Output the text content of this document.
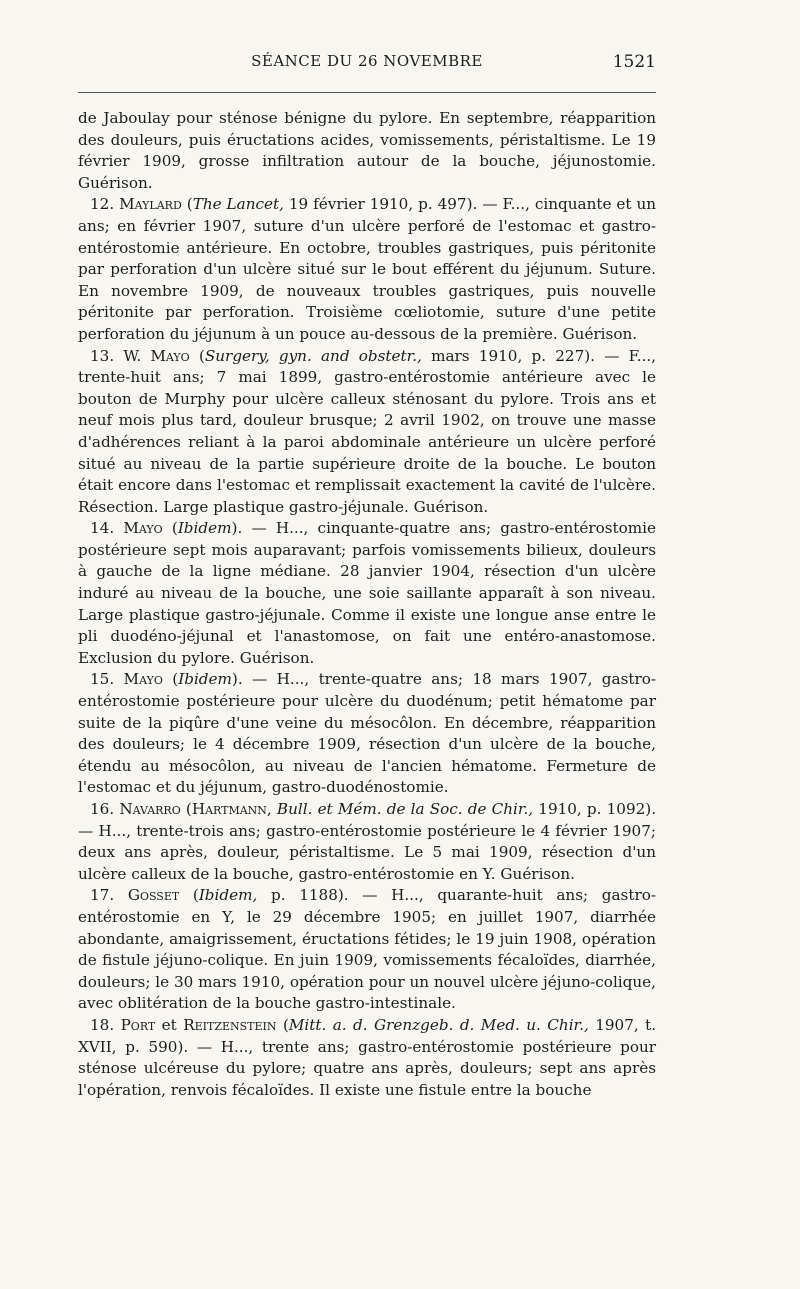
SÉANCE DU 26 NOVEMBRE	1521

de Jaboulay pour sténose bénigne du pylore. En septembre, réapparition des douleurs, puis éructations acides, vomissements, péristaltisme. Le 19 février 1909, grosse infiltration autour de la bouche, jéjunostomie. Guérison.

12. Maylard (The Lancet, 19 février 1910, p. 497). — F..., cinquante et un ans; en février 1907, suture d'un ulcère perforé de l'estomac et gastro-entérostomie antérieure. En octobre, troubles gastriques, puis péritonite par perforation d'un ulcère situé sur le bout efférent du jéjunum. Suture. En novembre 1909, de nouveaux troubles gastriques, puis nouvelle péritonite par perforation. Troisième cœliotomie, suture d'une petite perforation du jéjunum à un pouce au-dessous de la première. Guérison.

13. W. Mayo (Surgery, gyn. and obstetr., mars 1910, p. 227). — F..., trente-huit ans; 7 mai 1899, gastro-entérostomie antérieure avec le bouton de Murphy pour ulcère calleux sténosant du pylore. Trois ans et neuf mois plus tard, douleur brusque; 2 avril 1902, on trouve une masse d'adhérences reliant à la paroi abdominale antérieure un ulcère perforé situé au niveau de la partie supérieure droite de la bouche. Le bouton était encore dans l'estomac et remplissait exactement la cavité de l'ulcère. Résection. Large plastique gastro-jéjunale. Guérison.

14. Mayo (Ibidem). — H..., cinquante-quatre ans; gastro-entérostomie postérieure sept mois auparavant; parfois vomissements bilieux, douleurs à gauche de la ligne médiane. 28 janvier 1904, résection d'un ulcère induré au niveau de la bouche, une soie saillante apparaît à son niveau. Large plastique gastro-jéjunale. Comme il existe une longue anse entre le pli duodéno-jéjunal et l'anastomose, on fait une entéro-anastomose. Exclusion du pylore. Guérison.

15. Mayo (Ibidem). — H..., trente-quatre ans; 18 mars 1907, gastro-entérostomie postérieure pour ulcère du duodénum; petit hématome par suite de la piqûre d'une veine du mésocôlon. En décembre, réapparition des douleurs; le 4 décembre 1909, résection d'un ulcère de la bouche, étendu au mésocôlon, au niveau de l'ancien hématome. Fermeture de l'estomac et du jéjunum, gastro-duodénostomie.

16. Navarro (Hartmann, Bull. et Mém. de la Soc. de Chir., 1910, p. 1092). — H..., trente-trois ans; gastro-entérostomie postérieure le 4 février 1907; deux ans après, douleur, péristaltisme. Le 5 mai 1909, résection d'un ulcère calleux de la bouche, gastro-entérostomie en Y. Guérison.

17. Gosset (Ibidem, p. 1188). — H..., quarante-huit ans; gastro-entérostomie en Y, le 29 décembre 1905; en juillet 1907, diarrhée abondante, amaigrissement, éructations fétides; le 19 juin 1908, opération de fistule jéjuno-colique. En juin 1909, vomissements fécaloïdes, diarrhée, douleurs; le 30 mars 1910, opération pour un nouvel ulcère jéjuno-colique, avec oblitération de la bouche gastro-intestinale.

18. Port et Reitzenstein (Mitt. a. d. Grenzgeb. d. Med. u. Chir., 1907, t. XVII, p. 590). — H..., trente ans; gastro-entérostomie postérieure pour sténose ulcéreuse du pylore; quatre ans après, douleurs; sept ans après l'opération, renvois fécaloïdes. Il existe une fistule entre la bouche
